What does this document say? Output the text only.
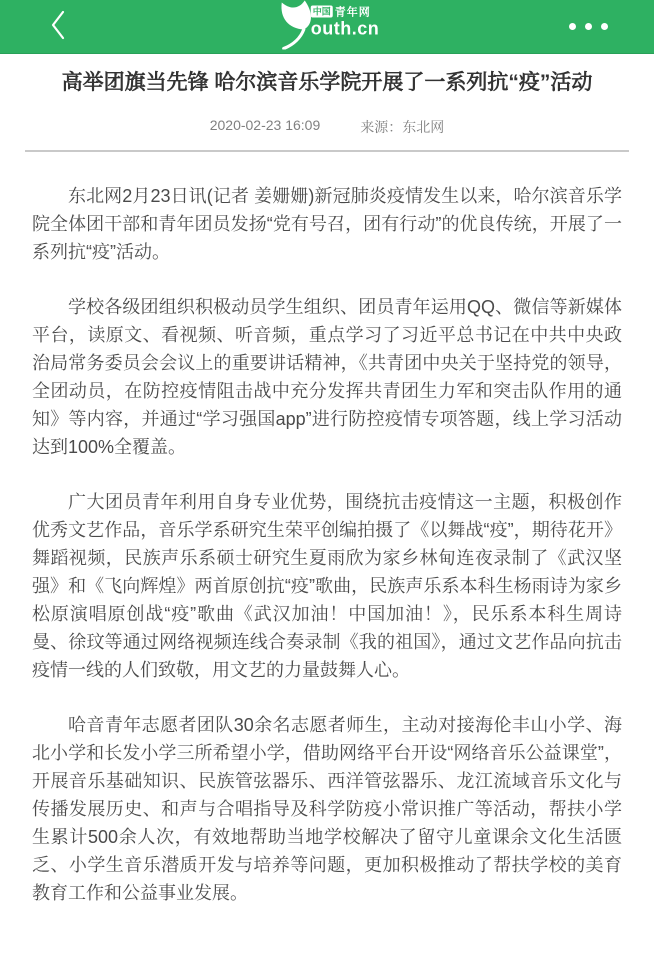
中国 青年网
outh.cn
高举团旗当先锋 哈尔滨音乐学院开展了一系列抗“疫”活动
2020-02-23 16:09	来源：东北网

东北网2月23日讯(记者 姜姗姗)新冠肺炎疫情发生以来，哈尔滨音乐学院全体团干部和青年团员发扬“党有号召，团有行动”的优良传统，开展了一系列抗“疫”活动。

学校各级团组织积极动员学生组织、团员青年运用QQ、微信等新媒体平台，读原文、看视频、听音频，重点学习了习近平总书记在中共中央政治局常务委员会会议上的重要讲话精神，《共青团中央关于坚持党的领导，全团动员，在防控疫情阻击战中充分发挥共青团生力军和突击队作用的通知》等内容，并通过“学习强国app”进行防控疫情专项答题，线上学习活动达到100%全覆盖。

广大团员青年利用自身专业优势，围绕抗击疫情这一主题，积极创作优秀文艺作品，音乐学系研究生荣平创编拍摄了《以舞战“疫”，期待花开》舞蹈视频，民族声乐系硕士研究生夏雨欣为家乡林甸连夜录制了《武汉坚强》和《飞向辉煌》两首原创抗“疫”歌曲，民族声乐系本科生杨雨诗为家乡松原演唱原创战“疫”歌曲《武汉加油！中国加油！》，民乐系本科生周诗曼、徐玟等通过网络视频连线合奏录制《我的祖国》，通过文艺作品向抗击疫情一线的人们致敬，用文艺的力量鼓舞人心。

哈音青年志愿者团队30余名志愿者师生，主动对接海伦丰山小学、海北小学和长发小学三所希望小学，借助网络平台开设“网络音乐公益课堂”，开展音乐基础知识、民族管弦器乐、西洋管弦器乐、龙江流域音乐文化与传播发展历史、和声与合唱指导及科学防疫小常识推广等活动，帮扶小学生累计500余人次，有效地帮助当地学校解决了留守儿童课余文化生活匮乏、小学生音乐潜质开发与培养等问题，更加积极推动了帮扶学校的美育教育工作和公益事业发展。
